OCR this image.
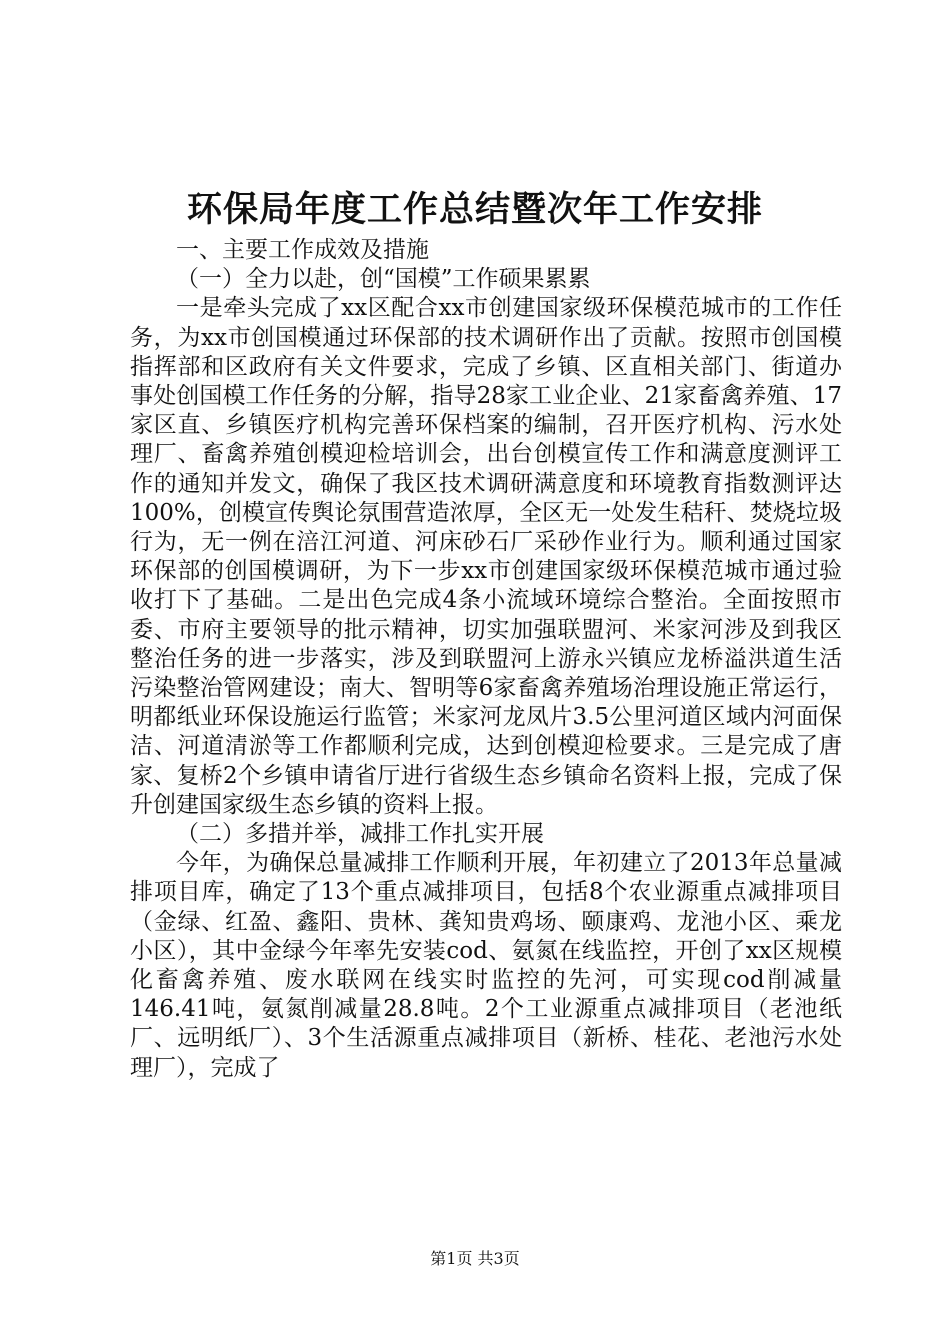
环保局年度工作总结暨次年工作安排

一、主要工作成效及措施

（一）全力以赴，创“国模”工作硕果累累

一是牵头完成了xx区配合xx市创建国家级环保模范城市的工作任务，为xx市创国模通过环保部的技术调研作出了贡献。按照市创国模指挥部和区政府有关文件要求，完成了乡镇、区直相关部门、街道办事处创国模工作任务的分解，指导28家工业企业、21家畜禽养殖、17家区直、乡镇医疗机构完善环保档案的编制，召开医疗机构、污水处理厂、畜禽养殖创模迎检培训会，出台创模宣传工作和满意度测评工作的通知并发文，确保了我区技术调研满意度和环境教育指数测评达100%，创模宣传舆论氛围营造浓厚，全区无一处发生秸秆、焚烧垃圾行为，无一例在涪江河道、河床砂石厂采砂作业行为。顺利通过国家环保部的创国模调研，为下一步xx市创建国家级环保模范城市通过验收打下了基础。二是出色完成4条小流域环境综合整治。全面按照市委、市府主要领导的批示精神，切实加强联盟河、米家河涉及到我区整治任务的进一步落实，涉及到联盟河上游永兴镇应龙桥溢洪道生活污染整治管网建设；南大、智明等6家畜禽养殖场治理设施正常运行，明都纸业环保设施运行监管；米家河龙凤片3.5公里河道区域内河面保洁、河道清淤等工作都顺利完成，达到创模迎检要求。三是完成了唐家、复桥2个乡镇申请省厅进行省级生态乡镇命名资料上报，完成了保升创建国家级生态乡镇的资料上报。

（二）多措并举，减排工作扎实开展

今年，为确保总量减排工作顺利开展，年初建立了2013年总量减排项目库，确定了13个重点减排项目，包括8个农业源重点减排项目（金绿、红盈、鑫阳、贵林、龚知贵鸡场、颐康鸡、龙池小区、乘龙小区），其中金绿今年率先安装cod、氨氮在线监控，开创了xx区规模化畜禽养殖、废水联网在线实时监控的先河，可实现cod削减量146.41吨，氨氮削减量28.8吨。2个工业源重点减排项目（老池纸厂、远明纸厂）、3个生活源重点减排项目（新桥、桂花、老池污水处理厂），完成了

第1页 共3页
